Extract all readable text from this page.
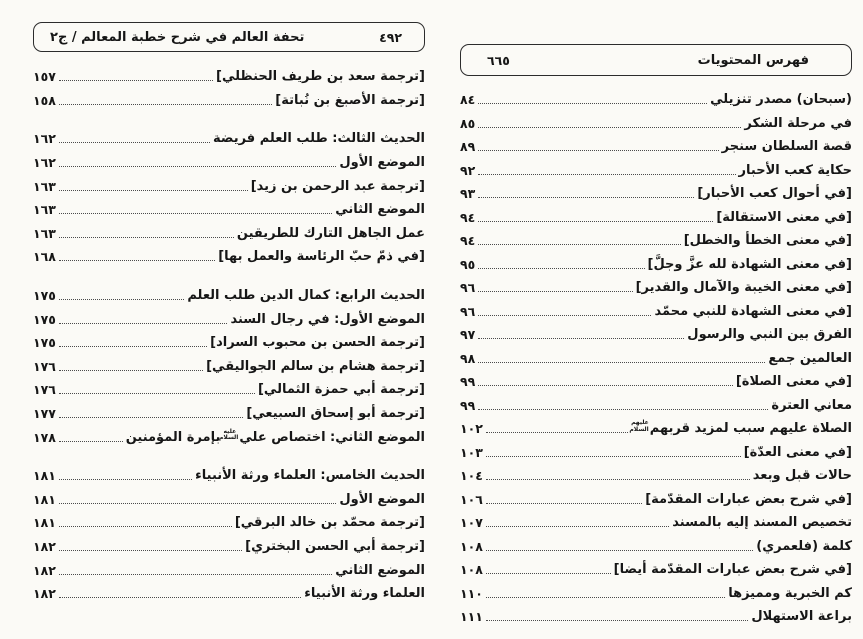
تحفة العالم في شرح خطبة المعالم / ج٢	٤٩٢
[ترجمة سعد بن طريف الحنظلي]
١٥٧
[ترجمة الأصبغ بن نُباتة]
١٥٨
الحديث الثالث: طلب العلم فريضة
١٦٢
الموضع الأول
١٦٢
[ترجمة عبد الرحمن بن زيد]
١٦٣
الموضع الثاني
١٦٣
عمل الجاهل التارك للطريقين
١٦٣
[في ذمّ حبّ الرئاسة والعمل بها]
١٦٨
الحديث الرابع: كمال الدين طلب العلم
١٧٥
الموضع الأول: في رجال السند
١٧٥
[ترجمة الحسن بن محبوب السراد]
١٧٥
[ترجمة هشام بن سالم الجواليقي]
١٧٦
[ترجمة أبي حمزة الثمالي]
١٧٦
[ترجمة أبو إسحاق السبيعي]
١٧٧
الموضع الثاني: اختصاص علي
عليه السلام
بإمرة المؤمنين
١٧٨
الحديث الخامس: العلماء ورثة الأنبياء
١٨١
الموضع الأول
١٨١
[ترجمة محمّد بن خالد البرقي]
١٨١
[ترجمة أبي الحسن البختري]
١٨٢
الموضع الثاني
١٨٢
العلماء ورثة الأنبياء
١٨٢
٦٦٥	فهرس المحتويات
(سبحان) مصدر تنزيلي
٨٤
في مرحلة الشكر
٨٥
قصة السلطان سنجر
٨٩
حكاية كعب الأحبار
٩٢
[في أحوال كعب الأحبار]
٩٣
[في معنى الاستقالة]
٩٤
[في معنى الخطأ والخطل]
٩٤
[في معنى الشهادة لله عزَّ وجلَّ]
٩٥
[في معنى الخيبة والآمال والقدير]
٩٦
[في معنى الشهادة للنبي محمّد
٩٦
الفرق بين النبي والرسول
٩٧
العالمين جمع
٩٨
[في معنى الصلاة]
٩٩
معاني العترة
٩٩
الصلاة عليهم سبب لمزيد قربهم
عليهم السلام
١٠٢
[في معنى العدّة]
١٠٣
حالات قبل وبعد
١٠٤
[في شرح بعض عبارات المقدّمة]
١٠٦
تخصيص المسند إليه بالمسند
١٠٧
كلمة (فلعمري)
١٠٨
[في شرح بعض عبارات المقدّمة أيضا]
١٠٨
كم الخبرية ومميزها
١١٠
براعة الاستهلال
١١١
